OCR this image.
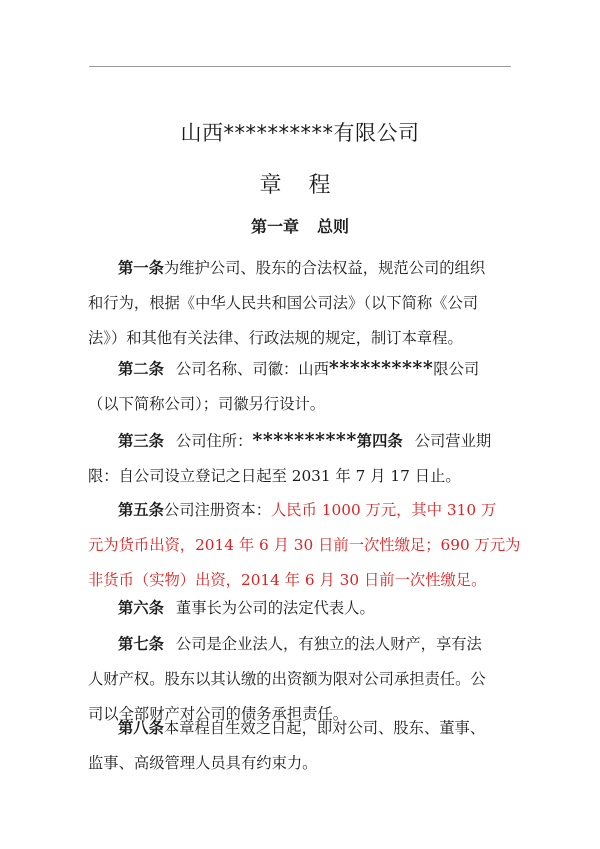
山西**********有限公司
章 程
第一章 总则
第一条为维护公司、股东的合法权益，规范公司的组织
和行为，根据《中华人民共和国公司法》（以下简称《公司
法》）和其他有关法律、行政法规的规定，制订本章程。
第二条 公司名称、司徽：山西**********限公司
（以下简称公司）；司徽另行设计。
第三条 公司住所：**********第四条 公司营业期
限：自公司设立登记之日起至 2031 年 7 月 17 日止。
第五条公司注册资本：人民币 1000 万元，其中 310 万
元为货币出资，2014 年 6 月 30 日前一次性缴足；690 万元为
非货币（实物）出资，2014 年 6 月 30 日前一次性缴足。
第六条 董事长为公司的法定代表人。
第七条 公司是企业法人，有独立的法人财产，享有法
人财产权。股东以其认缴的出资额为限对公司承担责任。公
司以全部财产对公司的债务承担责任。
第八条本章程自生效之日起，即对公司、股东、董事、
监事、高级管理人员具有约束力。
